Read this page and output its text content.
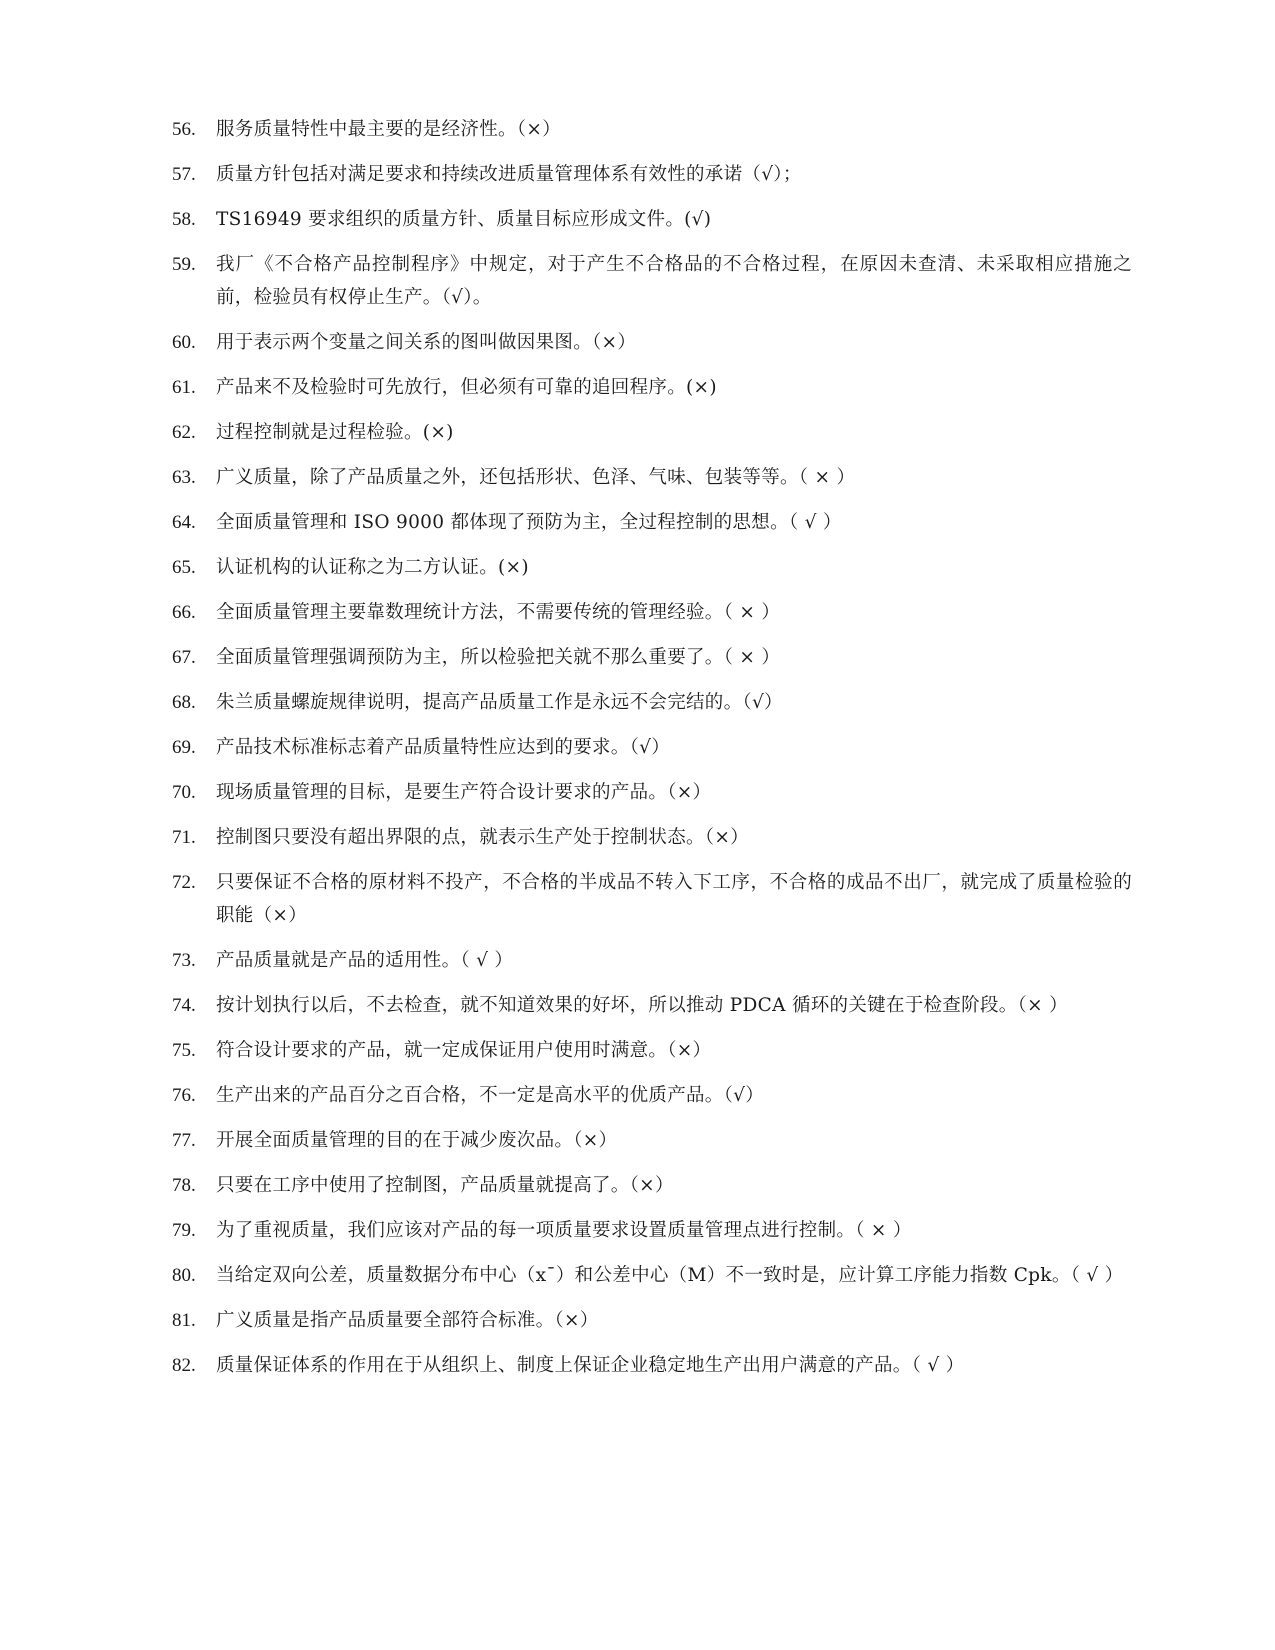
56.	服务质量特性中最主要的是经济性。（×）
57.	质量方针包括对满足要求和持续改进质量管理体系有效性的承诺（√）；
58.	TS16949 要求组织的质量方针、质量目标应形成文件。(√)
59.	我厂《不合格产品控制程序》中规定，对于产生不合格品的不合格过程，在原因未查清、未采取相应措施之前，检验员有权停止生产。（√）。
60.	用于表示两个变量之间关系的图叫做因果图。（×）
61.	产品来不及检验时可先放行，但必须有可靠的追回程序。(×)
62.	过程控制就是过程检验。(×)
63.	广义质量，除了产品质量之外，还包括形状、色泽、气味、包装等等。（ × ）
64.	全面质量管理和 ISO 9000 都体现了预防为主，全过程控制的思想。（ √ ）
65.	认证机构的认证称之为二方认证。(×)
66.	全面质量管理主要靠数理统计方法，不需要传统的管理经验。（ × ）
67.	全面质量管理强调预防为主，所以检验把关就不那么重要了。（ × ）
68.	朱兰质量螺旋规律说明，提高产品质量工作是永远不会完结的。（√）
69.	产品技术标准标志着产品质量特性应达到的要求。（√）
70.	现场质量管理的目标，是要生产符合设计要求的产品。（×）
71.	控制图只要没有超出界限的点，就表示生产处于控制状态。（×）
72.	只要保证不合格的原材料不投产，不合格的半成品不转入下工序，不合格的成品不出厂，就完成了质量检验的职能（×）
73.	产品质量就是产品的适用性。（ √ ）
74.	按计划执行以后，不去检查，就不知道效果的好坏，所以推动 PDCA 循环的关键在于检查阶段。（× ）
75.	符合设计要求的产品，就一定成保证用户使用时满意。（×）
76.	生产出来的产品百分之百合格，不一定是高水平的优质产品。（√）
77.	开展全面质量管理的目的在于减少废次品。（×）
78.	只要在工序中使用了控制图，产品质量就提高了。（×）
79.	为了重视质量，我们应该对产品的每一项质量要求设置质量管理点进行控制。（ × ）
80.	当给定双向公差，质量数据分布中心（x¯）和公差中心（M）不一致时是，应计算工序能力指数 Cpk。（ √ ）
81.	广义质量是指产品质量要全部符合标准。（×）
82.	质量保证体系的作用在于从组织上、制度上保证企业稳定地生产出用户满意的产品。（ √ ）
